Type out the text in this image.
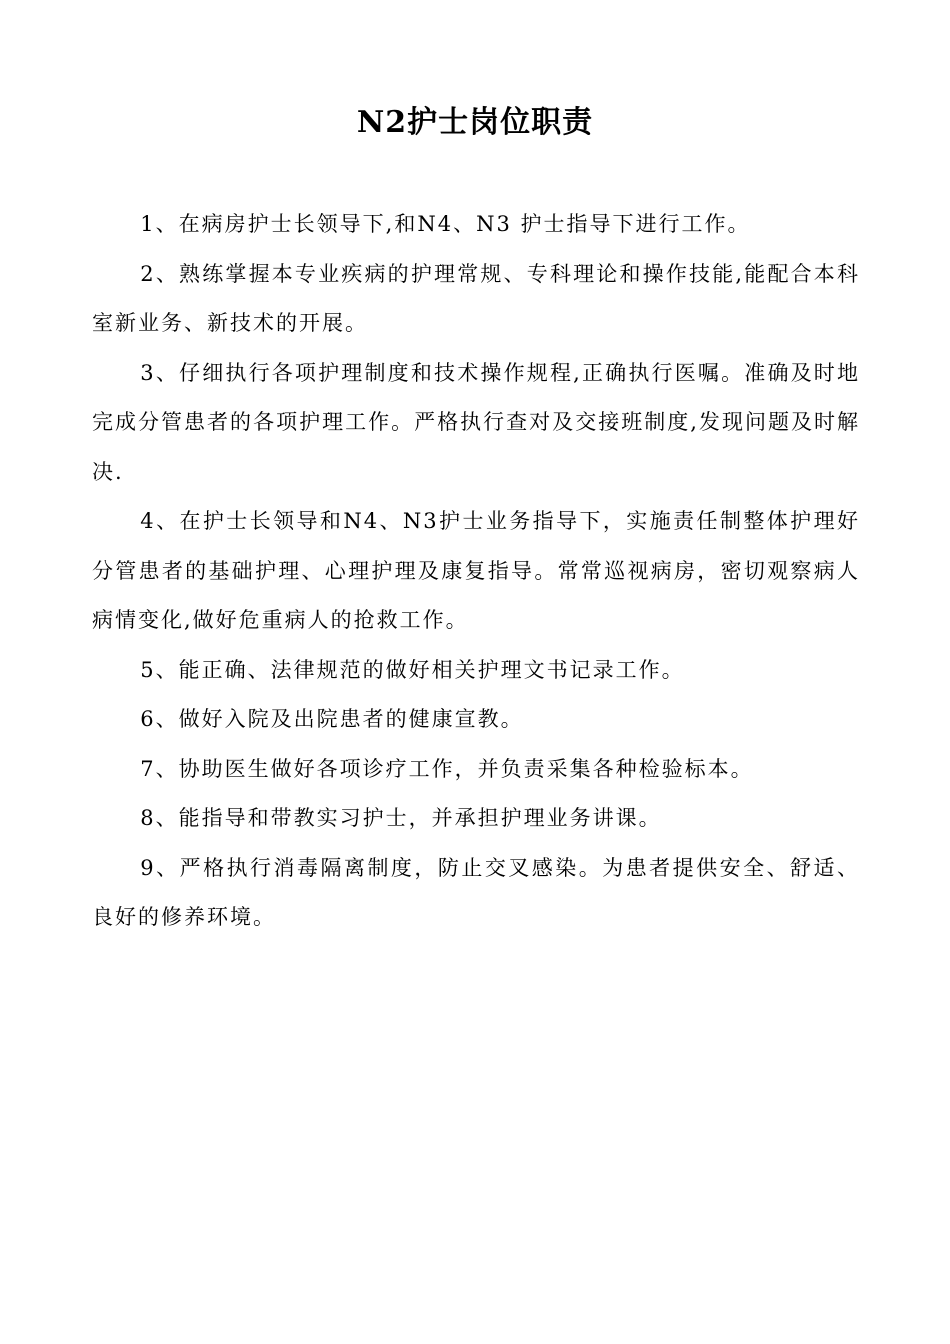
N2护士岗位职责

1、在病房护士长领导下,和N4、N3 护士指导下进行工作。

2、熟练掌握本专业疾病的护理常规、专科理论和操作技能,能配合本科室新业务、新技术的开展。

3、仔细执行各项护理制度和技术操作规程,正确执行医嘱。准确及时地完成分管患者的各项护理工作。严格执行查对及交接班制度,发现问题及时解决.

4、在护士长领导和N4、N3护士业务指导下，实施责任制整体护理好分管患者的基础护理、心理护理及康复指导。常常巡视病房，密切观察病人病情变化,做好危重病人的抢救工作。

5、能正确、法律规范的做好相关护理文书记录工作。

6、做好入院及出院患者的健康宣教。

7、协助医生做好各项诊疗工作，并负责采集各种检验标本。

8、能指导和带教实习护士，并承担护理业务讲课。

9、严格执行消毒隔离制度，防止交叉感染。为患者提供安全、舒适、良好的修养环境。
